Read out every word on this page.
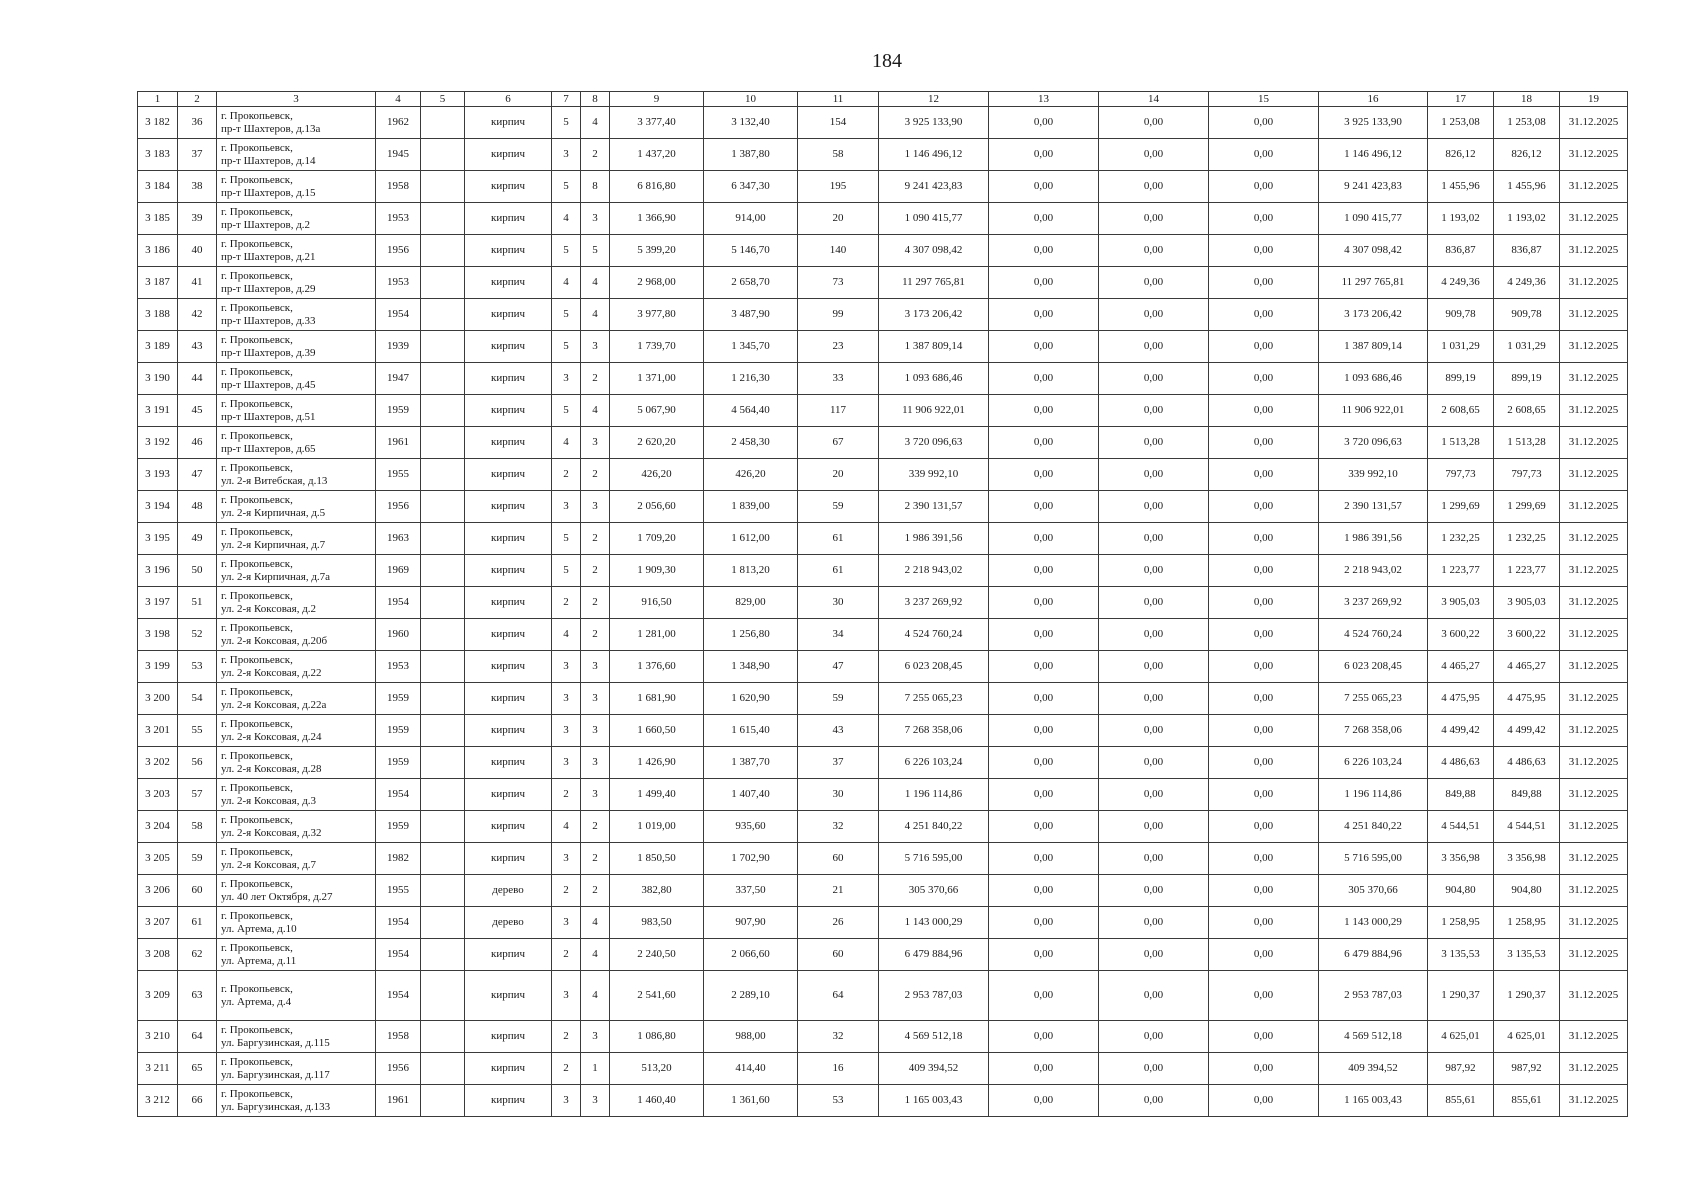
184
1	2	3	4	5	6	7	8	9	10	11	12	13	14	15	16	17	18	19
3 182	36	г. Прокопьевск,
пр-т Шахтеров, д.13а	1962		кирпич	5	4	3 377,40	3 132,40	154	3 925 133,90	0,00	0,00	0,00	3 925 133,90	1 253,08	1 253,08	31.12.2025
3 183	37	г. Прокопьевск,
пр-т Шахтеров, д.14	1945		кирпич	3	2	1 437,20	1 387,80	58	1 146 496,12	0,00	0,00	0,00	1 146 496,12	826,12	826,12	31.12.2025
3 184	38	г. Прокопьевск,
пр-т Шахтеров, д.15	1958		кирпич	5	8	6 816,80	6 347,30	195	9 241 423,83	0,00	0,00	0,00	9 241 423,83	1 455,96	1 455,96	31.12.2025
3 185	39	г. Прокопьевск,
пр-т Шахтеров, д.2	1953		кирпич	4	3	1 366,90	914,00	20	1 090 415,77	0,00	0,00	0,00	1 090 415,77	1 193,02	1 193,02	31.12.2025
3 186	40	г. Прокопьевск,
пр-т Шахтеров, д.21	1956		кирпич	5	5	5 399,20	5 146,70	140	4 307 098,42	0,00	0,00	0,00	4 307 098,42	836,87	836,87	31.12.2025
3 187	41	г. Прокопьевск,
пр-т Шахтеров, д.29	1953		кирпич	4	4	2 968,00	2 658,70	73	11 297 765,81	0,00	0,00	0,00	11 297 765,81	4 249,36	4 249,36	31.12.2025
3 188	42	г. Прокопьевск,
пр-т Шахтеров, д.33	1954		кирпич	5	4	3 977,80	3 487,90	99	3 173 206,42	0,00	0,00	0,00	3 173 206,42	909,78	909,78	31.12.2025
3 189	43	г. Прокопьевск,
пр-т Шахтеров, д.39	1939		кирпич	5	3	1 739,70	1 345,70	23	1 387 809,14	0,00	0,00	0,00	1 387 809,14	1 031,29	1 031,29	31.12.2025
3 190	44	г. Прокопьевск,
пр-т Шахтеров, д.45	1947		кирпич	3	2	1 371,00	1 216,30	33	1 093 686,46	0,00	0,00	0,00	1 093 686,46	899,19	899,19	31.12.2025
3 191	45	г. Прокопьевск,
пр-т Шахтеров, д.51	1959		кирпич	5	4	5 067,90	4 564,40	117	11 906 922,01	0,00	0,00	0,00	11 906 922,01	2 608,65	2 608,65	31.12.2025
3 192	46	г. Прокопьевск,
пр-т Шахтеров, д.65	1961		кирпич	4	3	2 620,20	2 458,30	67	3 720 096,63	0,00	0,00	0,00	3 720 096,63	1 513,28	1 513,28	31.12.2025
3 193	47	г. Прокопьевск,
ул. 2-я Витебская, д.13	1955		кирпич	2	2	426,20	426,20	20	339 992,10	0,00	0,00	0,00	339 992,10	797,73	797,73	31.12.2025
3 194	48	г. Прокопьевск,
ул. 2-я Кирпичная, д.5	1956		кирпич	3	3	2 056,60	1 839,00	59	2 390 131,57	0,00	0,00	0,00	2 390 131,57	1 299,69	1 299,69	31.12.2025
3 195	49	г. Прокопьевск,
ул. 2-я Кирпичная, д.7	1963		кирпич	5	2	1 709,20	1 612,00	61	1 986 391,56	0,00	0,00	0,00	1 986 391,56	1 232,25	1 232,25	31.12.2025
3 196	50	г. Прокопьевск,
ул. 2-я Кирпичная, д.7а	1969		кирпич	5	2	1 909,30	1 813,20	61	2 218 943,02	0,00	0,00	0,00	2 218 943,02	1 223,77	1 223,77	31.12.2025
3 197	51	г. Прокопьевск,
ул. 2-я Коксовая, д.2	1954		кирпич	2	2	916,50	829,00	30	3 237 269,92	0,00	0,00	0,00	3 237 269,92	3 905,03	3 905,03	31.12.2025
3 198	52	г. Прокопьевск,
ул. 2-я Коксовая, д.20б	1960		кирпич	4	2	1 281,00	1 256,80	34	4 524 760,24	0,00	0,00	0,00	4 524 760,24	3 600,22	3 600,22	31.12.2025
3 199	53	г. Прокопьевск,
ул. 2-я Коксовая, д.22	1953		кирпич	3	3	1 376,60	1 348,90	47	6 023 208,45	0,00	0,00	0,00	6 023 208,45	4 465,27	4 465,27	31.12.2025
3 200	54	г. Прокопьевск,
ул. 2-я Коксовая, д.22а	1959		кирпич	3	3	1 681,90	1 620,90	59	7 255 065,23	0,00	0,00	0,00	7 255 065,23	4 475,95	4 475,95	31.12.2025
3 201	55	г. Прокопьевск,
ул. 2-я Коксовая, д.24	1959		кирпич	3	3	1 660,50	1 615,40	43	7 268 358,06	0,00	0,00	0,00	7 268 358,06	4 499,42	4 499,42	31.12.2025
3 202	56	г. Прокопьевск,
ул. 2-я Коксовая, д.28	1959		кирпич	3	3	1 426,90	1 387,70	37	6 226 103,24	0,00	0,00	0,00	6 226 103,24	4 486,63	4 486,63	31.12.2025
3 203	57	г. Прокопьевск,
ул. 2-я Коксовая, д.3	1954		кирпич	2	3	1 499,40	1 407,40	30	1 196 114,86	0,00	0,00	0,00	1 196 114,86	849,88	849,88	31.12.2025
3 204	58	г. Прокопьевск,
ул. 2-я Коксовая, д.32	1959		кирпич	4	2	1 019,00	935,60	32	4 251 840,22	0,00	0,00	0,00	4 251 840,22	4 544,51	4 544,51	31.12.2025
3 205	59	г. Прокопьевск,
ул. 2-я Коксовая, д.7	1982		кирпич	3	2	1 850,50	1 702,90	60	5 716 595,00	0,00	0,00	0,00	5 716 595,00	3 356,98	3 356,98	31.12.2025
3 206	60	г. Прокопьевск,
ул. 40 лет Октября, д.27	1955		дерево	2	2	382,80	337,50	21	305 370,66	0,00	0,00	0,00	305 370,66	904,80	904,80	31.12.2025
3 207	61	г. Прокопьевск,
ул. Артема, д.10	1954		дерево	3	4	983,50	907,90	26	1 143 000,29	0,00	0,00	0,00	1 143 000,29	1 258,95	1 258,95	31.12.2025
3 208	62	г. Прокопьевск,
ул. Артема, д.11	1954		кирпич	2	4	2 240,50	2 066,60	60	6 479 884,96	0,00	0,00	0,00	6 479 884,96	3 135,53	3 135,53	31.12.2025
3 209	63	г. Прокопьевск,
ул. Артема, д.4	1954		кирпич	3	4	2 541,60	2 289,10	64	2 953 787,03	0,00	0,00	0,00	2 953 787,03	1 290,37	1 290,37	31.12.2025
3 210	64	г. Прокопьевск,
ул. Баргузинская, д.115	1958		кирпич	2	3	1 086,80	988,00	32	4 569 512,18	0,00	0,00	0,00	4 569 512,18	4 625,01	4 625,01	31.12.2025
3 211	65	г. Прокопьевск,
ул. Баргузинская, д.117	1956		кирпич	2	1	513,20	414,40	16	409 394,52	0,00	0,00	0,00	409 394,52	987,92	987,92	31.12.2025
3 212	66	г. Прокопьевск,
ул. Баргузинская, д.133	1961		кирпич	3	3	1 460,40	1 361,60	53	1 165 003,43	0,00	0,00	0,00	1 165 003,43	855,61	855,61	31.12.2025
